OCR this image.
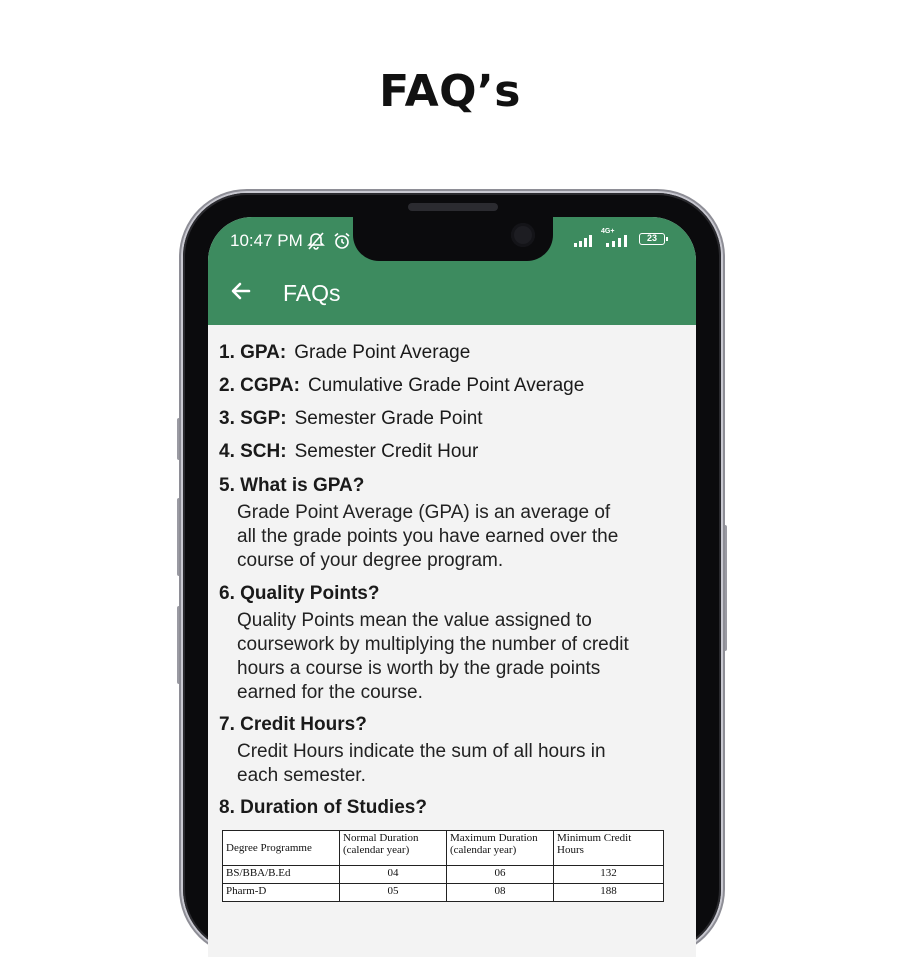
FAQ’s
10:47 PM	4G+
23
FAQs
1. GPA: Grade Point Average
2. CGPA: Cumulative Grade Point Average
3. SGP: Semester Grade Point
4. SCH: Semester Credit Hour
5. What is GPA?
Grade Point Average (GPA) is an average of
all the grade points you have earned over the
course of your degree program.
6. Quality Points?
Quality Points mean the value assigned to
coursework by multiplying the number of credit
hours a course is worth by the grade points
earned for the course.
7. Credit Hours?
Credit Hours indicate the sum of all hours in
each semester.
8. Duration of Studies?
Degree Programme	Normal Duration (calendar year)	Maximum Duration (calendar year)	Minimum Credit Hours
BS/BBA/B.Ed	04	06	132
Pharm-D	05	08	188
